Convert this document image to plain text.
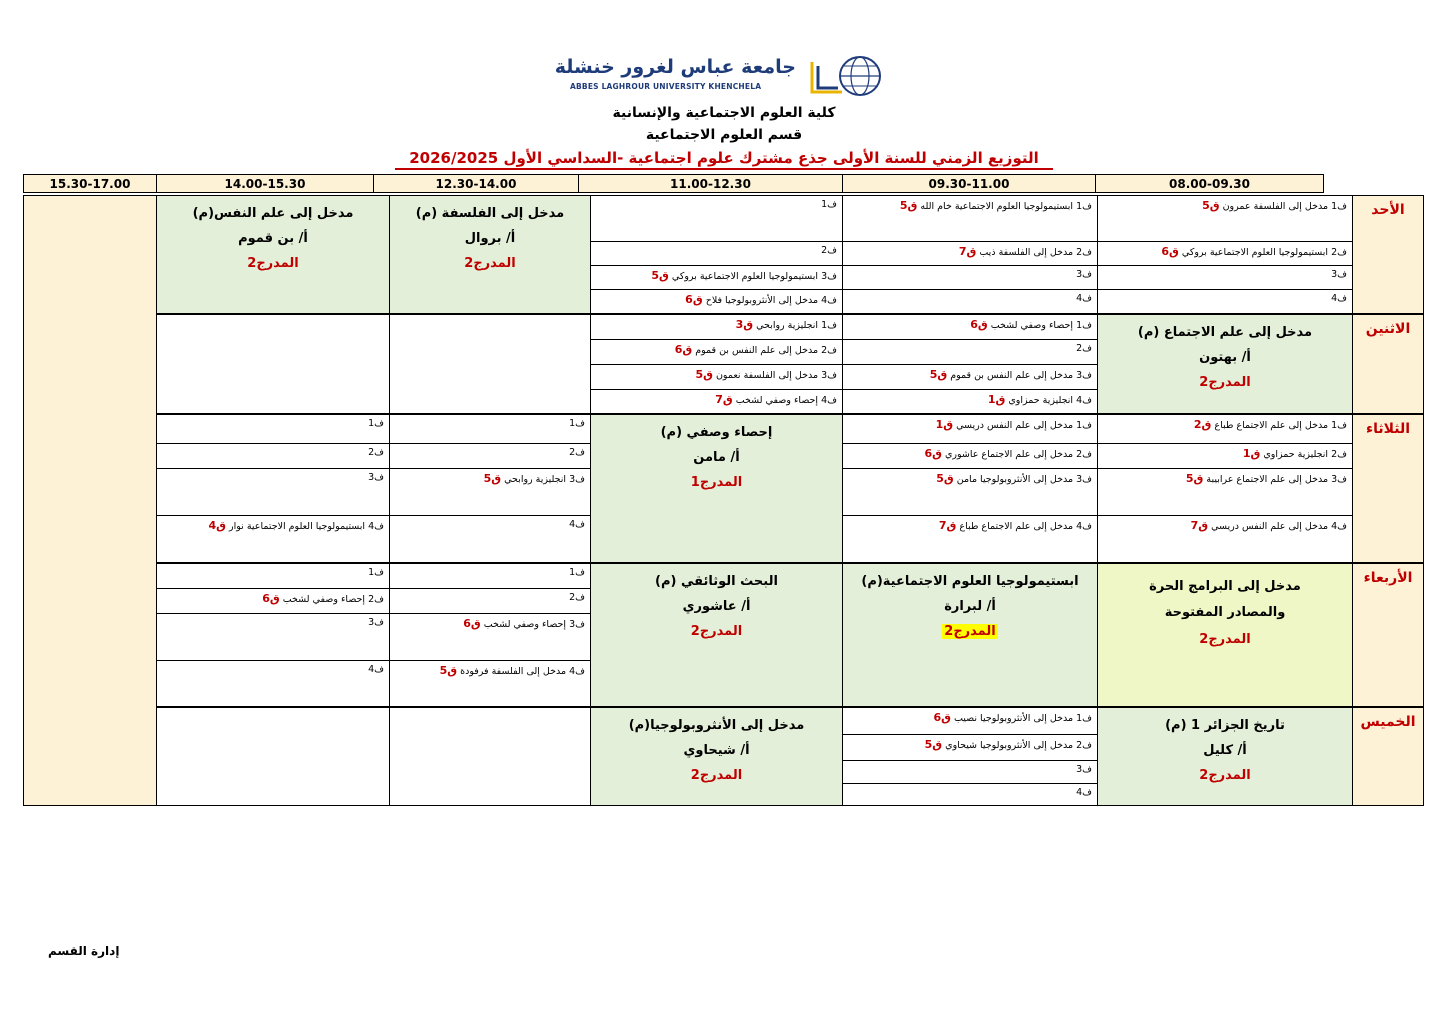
جامعة عباس لغرور خنشلة
ABBES LAGHROUR UNIVERSITY KHENCHELA
كلية العلوم الاجتماعية والإنسانية
قسم العلوم الاجتماعية
التوزيع الزمني للسنة الأولى جذع مشترك علوم اجتماعية -السداسي الأول 2026/2025
08.00-09.30
09.30-11.00
11.00-12.30
12.30-14.00
14.00-15.30
15.30-17.00
الأحد
الاثنين
الثلاثاء
الأربعاء
الخميس
ف1 مدخل إلى الفلسفة عمرون ق5
ف2 ابستيمولوجيا العلوم الاجتماعية بروكي ق6
ف3
ف4
ف1 ابستيمولوجيا العلوم الاجتماعية خام الله ق5
ف2 مدخل إلى الفلسفة ذيب ق7
ف3
ف4
ف1
ف2
ف3 ابستيمولوجيا العلوم الاجتماعية بروكي ق5
ف4 مدخل إلى الأنثروبولوجيا فلاح ق6
مدخل إلى الفلسفة (م)
أ/ بروال
المدرج2
مدخل إلى علم النفس(م)
أ/ بن قموم
المدرج2
مدخل إلى علم الاجتماع (م)
أ/ بهتون
المدرج2
ف1 إحصاء وصفي لشخب ق6
ف2
ف3 مدخل إلى علم النفس بن قموم ق5
ف4 انجليزية حمزاوي ق1
ف1 انجليزية روابحي ق3
ف2 مدخل إلى علم النفس بن قموم ق6
ف3 مدخل إلى الفلسفة نعمون ق5
ف4 إحصاء وصفي لشخب ق7
ف1 مدخل إلى علم الاجتماع طباع ق2
ف2 انجليزية حمزاوي ق1
ف3 مدخل إلى علم الاجتماع عرابيبة ق5
ف4 مدخل إلى علم النفس دريسي ق7
ف1 مدخل إلى علم النفس دريسي ق1
ف2 مدخل إلى علم الاجتماع عاشوري ق6
ف3 مدخل إلى الأنثروبولوجيا مامن ق5
ف4 مدخل إلى علم الاجتماع طباع ق7
إحصاء وصفي (م)
أ/ مامن
المدرج1
ف1
ف2
ف3 انجليزية روابحي ق5
ف4
ف1
ف2
ف3
ف4 ابستيمولوجيا العلوم الاجتماعية نوار ق4
مدخل إلى البرامج الحرة والمصادر المفتوحة
المدرج2
ابستيمولوجيا العلوم الاجتماعية(م)
أ/ لبرارة
المدرج2
البحث الوثائقي (م)
أ/ عاشوري
المدرج2
ف1
ف2
ف3 إحصاء وصفي لشخب ق6
ف4 مدخل إلى الفلسفة فرفودة ق5
ف1
ف2 إحصاء وصفي لشخب ق6
ف3
ف4
تاريخ الجزائر 1 (م)
أ/ كليل
المدرج2
ف1 مدخل إلى الأنثروبولوجيا نصيب ق6
ف2 مدخل إلى الأنثروبولوجيا شيحاوي ق5
ف3
ف4
مدخل إلى الأنثروبولوجيا(م)
أ/ شيحاوي
المدرج2
إدارة القسم
